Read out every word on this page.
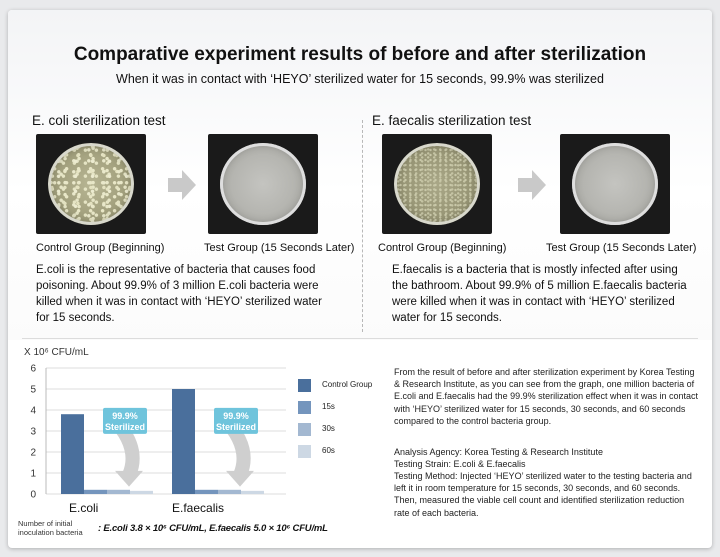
Comparative experiment results of before and after sterilization
When it was in contact with ‘HEYO’ sterilized water for 15 seconds, 99.9% was sterilized
E. coli sterilization test
Control Group (Beginning)	Test Group (15 Seconds Later)
E.coli is the representative of bacteria that causes food poisoning. About 99.9% of 3 million E.coli bacteria were killed when it was in contact with ‘HEYO’ sterilized water for 15 seconds.
E. faecalis sterilization test
Control Group (Beginning)	Test Group (15 Seconds Later)
E.faecalis is a bacteria that is mostly infected after using the bathroom. About 99.9% of 5 million E.faecalis bacteria were killed when it was in contact with ‘HEYO’ sterilized water for 15 seconds.
X 10⁶ CFU/mL
0
1
2
3
4
5
6
E.coli
99.9%
Sterilized
E.faecalis
99.9%
Sterilized
Control Group
15s
30s
60s
Number of initial inoculation bacteria	: E.coli 3.8 × 10⁶ CFU/mL, E.faecalis 5.0 × 10⁶ CFU/mL
From the result of before and after sterilization experiment by Korea Testing & Research Institute, as you can see from the graph, one million bacteria of E.coli and E.faecalis had the 99.9% sterilization effect when it was in contact with ‘HEYO’ sterilized water for 15 seconds, 30 seconds, and 60 seconds compared to the control bacteria group.
Analysis Agency: Korea Testing & Research Institute
Testing Strain: E.coli & E.faecalis
Testing Method: Injected ‘HEYO’ sterilized water to the testing bacteria and left it in room temperature for 15 seconds, 30 seconds, and 60 seconds. Then, measured the viable cell count and identified sterilization reduction rate of each bacteria.
